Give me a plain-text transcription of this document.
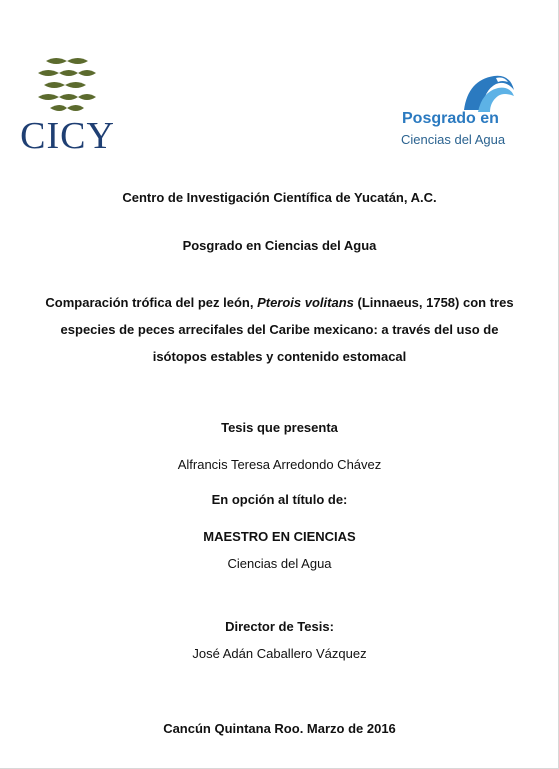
CICY	Posgrado en
Ciencias del Agua
Centro de Investigación Científica de Yucatán, A.C.
Posgrado en Ciencias del Agua
Comparación trófica del pez león, Pterois volitans (Linnaeus, 1758) con tres
especies de peces arrecifales del Caribe mexicano: a través del uso de
isótopos estables y contenido estomacal
Tesis que presenta
Alfrancis Teresa Arredondo Chávez
En opción al título de:
MAESTRO EN CIENCIAS
Ciencias del Agua
Director de Tesis:
José Adán Caballero Vázquez
Cancún Quintana Roo. Marzo de 2016
